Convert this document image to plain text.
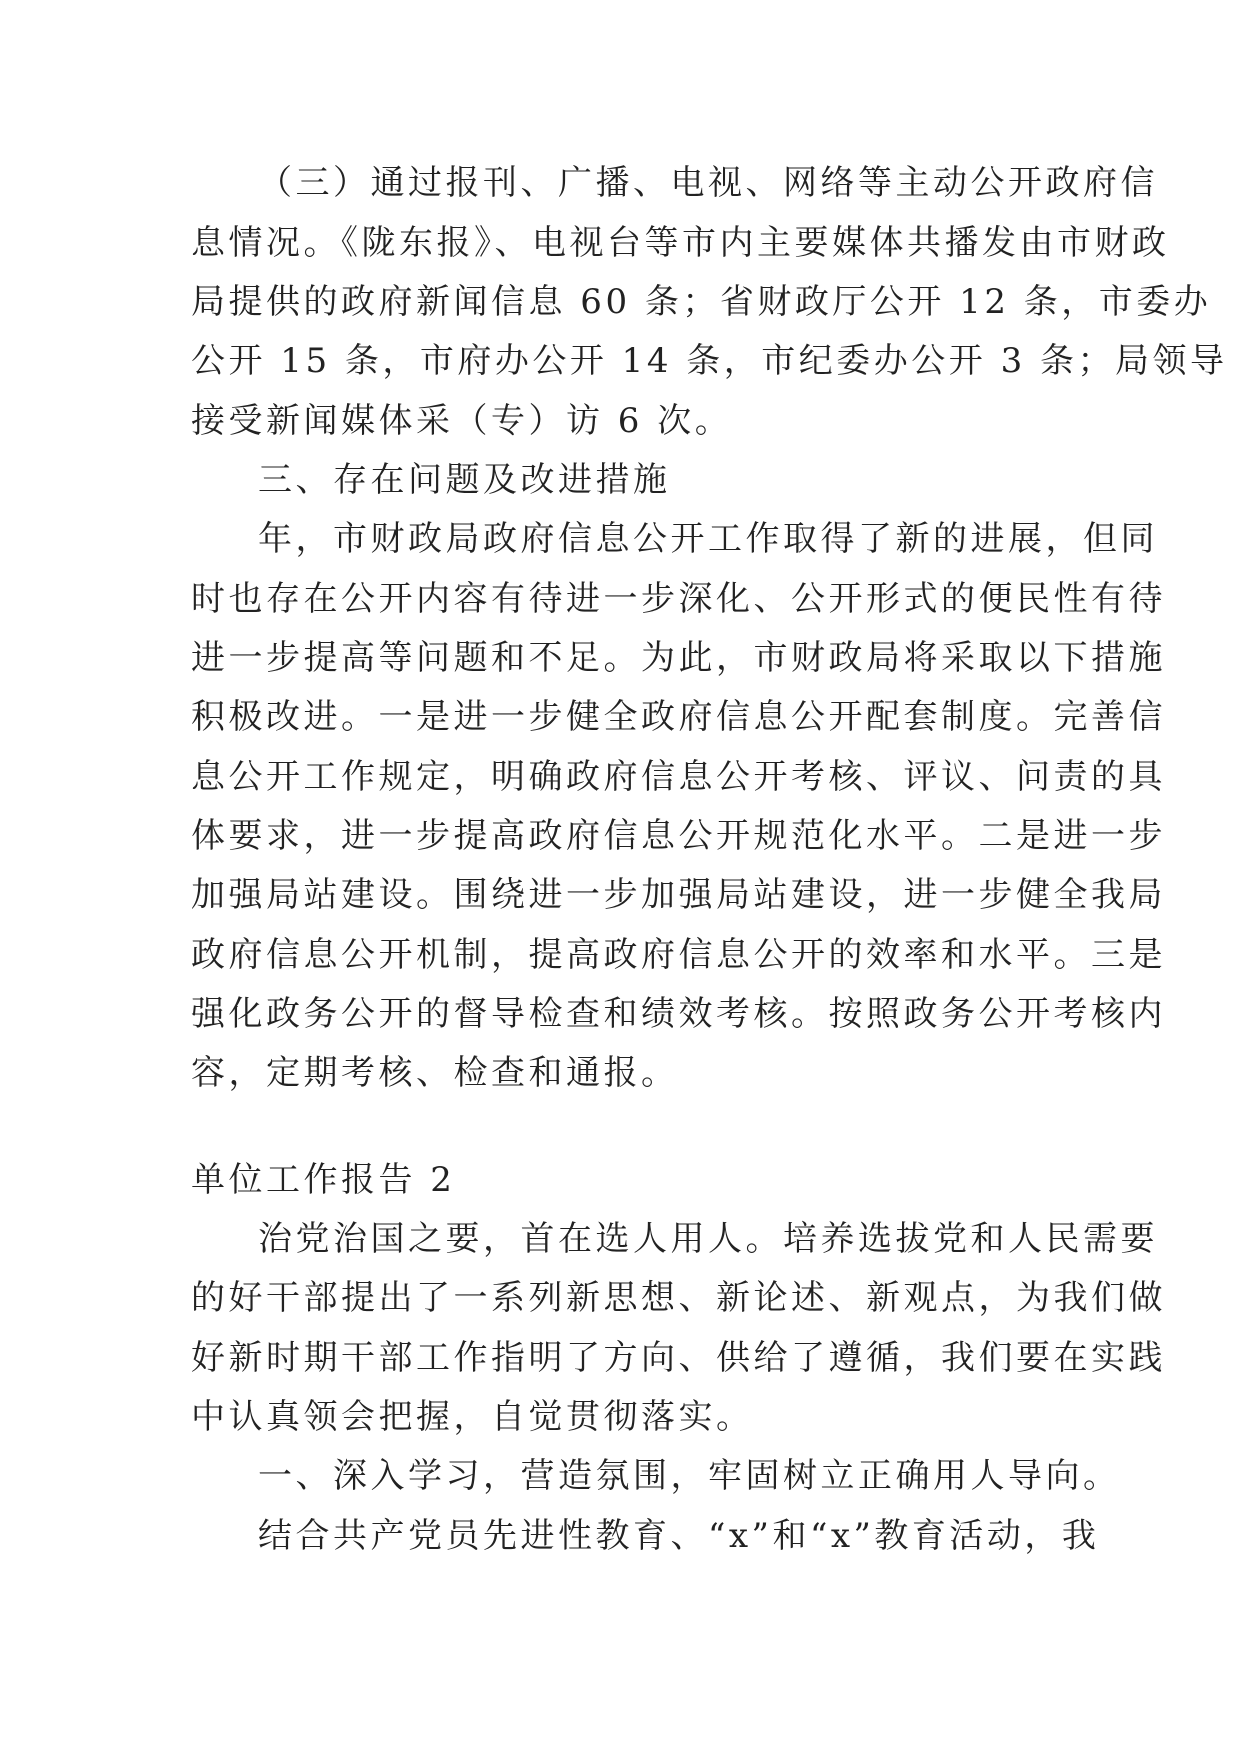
（三）通过报刊、广播、电视、网络等主动公开政府信
息情况。《陇东报》、电视台等市内主要媒体共播发由市财政
局提供的政府新闻信息 60 条；省财政厅公开 12 条，市委办
公开 15 条，市府办公开 14 条，市纪委办公开 3 条；局领导
接受新闻媒体采（专）访 6 次。
三、存在问题及改进措施
年，市财政局政府信息公开工作取得了新的进展，但同
时也存在公开内容有待进一步深化、公开形式的便民性有待
进一步提高等问题和不足。为此，市财政局将采取以下措施
积极改进。一是进一步健全政府信息公开配套制度。完善信
息公开工作规定，明确政府信息公开考核、评议、问责的具
体要求，进一步提高政府信息公开规范化水平。二是进一步
加强局站建设。围绕进一步加强局站建设，进一步健全我局
政府信息公开机制，提高政府信息公开的效率和水平。三是
强化政务公开的督导检查和绩效考核。按照政务公开考核内
容，定期考核、检查和通报。
单位工作报告 2
治党治国之要，首在选人用人。培养选拔党和人民需要
的好干部提出了一系列新思想、新论述、新观点，为我们做
好新时期干部工作指明了方向、供给了遵循，我们要在实践
中认真领会把握，自觉贯彻落实。
一、深入学习，营造氛围，牢固树立正确用人导向。
结合共产党员先进性教育、“x”和“x”教育活动，我
